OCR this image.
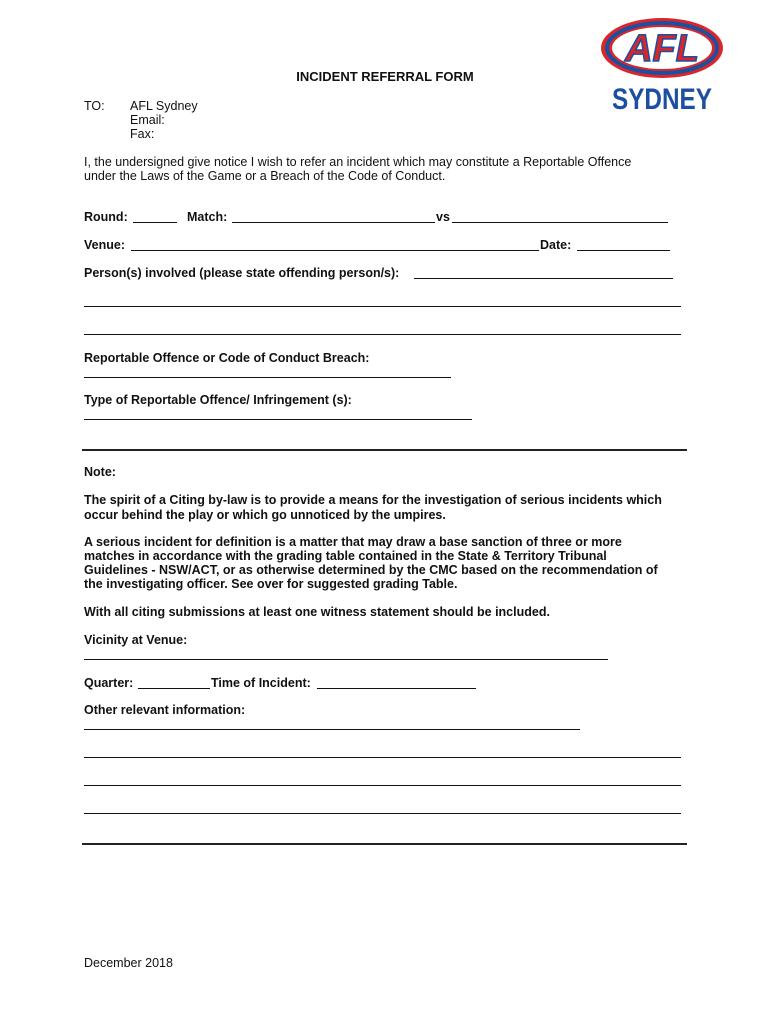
AFL
SYDNEY
INCIDENT REFERRAL FORM
TO: AFL Sydney
Email:
Fax:
I, the undersigned give notice I wish to refer an incident which may constitute a Reportable Offence
under the Laws of the Game or a Breach of the Code of Conduct.
Round:	Match:	vs
Venue:	Date:
Person(s) involved (please state offending person/s):
Reportable Offence or Code of Conduct Breach:
Type of Reportable Offence/ Infringement (s):
Note:
The spirit of a Citing by-law is to provide a means for the investigation of serious incidents which
occur behind the play or which go unnoticed by the umpires.
A serious incident for definition is a matter that may draw a base sanction of three or more
matches in accordance with the grading table contained in the State & Territory Tribunal
Guidelines - NSW/ACT, or as otherwise determined by the CMC based on the recommendation of
the investigating officer. See over for suggested grading Table.
With all citing submissions at least one witness statement should be included.
Vicinity at Venue:
Quarter:	Time of Incident:
Other relevant information:
December 2018
